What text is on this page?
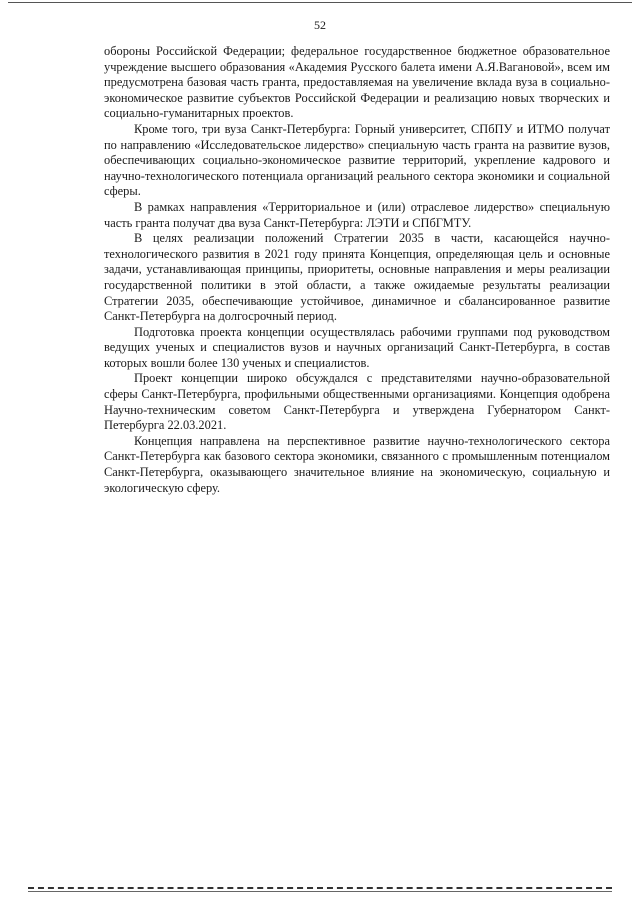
52

обороны Российской Федерации; федеральное государственное бюджетное образовательное учреждение высшего образования «Академия Русского балета имени А.Я.Вагановой», всем им предусмотрена базовая часть гранта, предоставляемая на увеличение вклада вуза в социально-экономическое развитие субъектов Российской Федерации и реализацию новых творческих и социально-гуманитарных проектов.

Кроме того, три вуза Санкт-Петербурга: Горный университет, СПбПУ и ИТМО получат по направлению «Исследовательское лидерство» специальную часть гранта на развитие вузов, обеспечивающих социально-экономическое развитие территорий, укрепление кадрового и научно-технологического потенциала организаций реального сектора экономики и социальной сферы.

В рамках направления «Территориальное и (или) отраслевое лидерство» специальную часть гранта получат два вуза Санкт-Петербурга: ЛЭТИ и СПбГМТУ.

В целях реализации положений Стратегии 2035 в части, касающейся научно-технологического развития в 2021 году принята Концепция, определяющая цель и основные задачи, устанавливающая принципы, приоритеты, основные направления и меры реализации государственной политики в этой области, а также ожидаемые результаты реализации Стратегии 2035, обеспечивающие устойчивое, динамичное и сбалансированное развитие Санкт-Петербурга на долгосрочный период.

Подготовка проекта концепции осуществлялась рабочими группами под руководством ведущих ученых и специалистов вузов и научных организаций Санкт-Петербурга, в состав которых вошли более 130 ученых и специалистов.

Проект концепции широко обсуждался с представителями научно-образовательной сферы Санкт-Петербурга, профильными общественными организациями. Концепция одобрена Научно-техническим советом Санкт-Петербурга и утверждена Губернатором Санкт-Петербурга 22.03.2021.

Концепция направлена на перспективное развитие научно-технологического сектора Санкт-Петербурга как базового сектора экономики, связанного с промышленным потенциалом Санкт-Петербурга, оказывающего значительное влияние на экономическую, социальную и экологическую сферу.
